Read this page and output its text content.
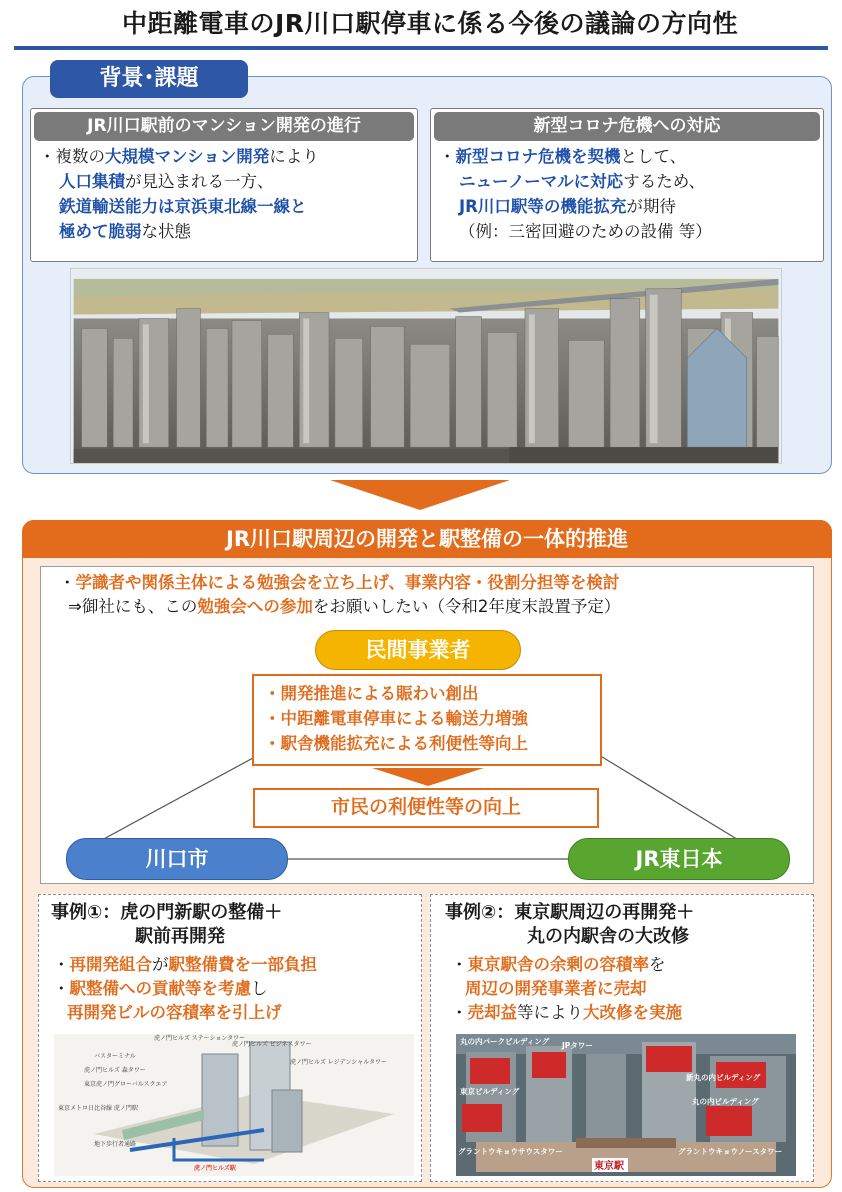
中距離電車のJR川口駅停車に係る今後の議論の方向性
背景･課題
JR川口駅前のマンション開発の進行
・複数の大規模マンション開発により
人口集積が見込まれる一方、
鉄道輸送能力は京浜東北線一線と
極めて脆弱な状態
新型コロナ危機への対応
・新型コロナ危機を契機として、
ニューノーマルに対応するため、
JR川口駅等の機能拡充が期待
（例：三密回避のための設備 等）
JR川口駅周辺の開発と駅整備の一体的推進
・学識者や関係主体による勉強会を立ち上げ、事業内容・役割分担等を検討
⇒御社にも、この勉強会への参加をお願いしたい（令和2年度末設置予定）
民間事業者
・開発推進による賑わい創出
・中距離電車停車による輸送力増強
・駅舎機能拡充による利便性等向上
市民の利便性等の向上
川口市	JR東日本
事例①：虎の門新駅の整備＋
駅前再開発
・再開発組合が駅整備費を一部負担
・駅整備への貢献等を考慮し
再開発ビルの容積率を引上げ
虎ノ門ヒルズ ビジネスタワー
虎ノ門ヒルズ レジデンシャルタワー
バスターミナル
虎ノ門ヒルズ 森タワー
虎ノ門ヒルズ ステーションタワー
東京虎ノ門グローバルスクエア
東京メトロ日比谷線 虎ノ門駅
地下歩行者通路
虎ノ門ヒルズ駅
事例②：東京駅周辺の再開発＋
丸の内駅舎の大改修
・東京駅舎の余剰の容積率を
周辺の開発事業者に売却
・売却益等により大改修を実施
丸の内パークビルディング JPタワー
東京ビルディング
新丸の内ビルディング
丸の内ビルディング
グラントウキョウサウスタワー	グラントウキョウノースタワー
東京駅
